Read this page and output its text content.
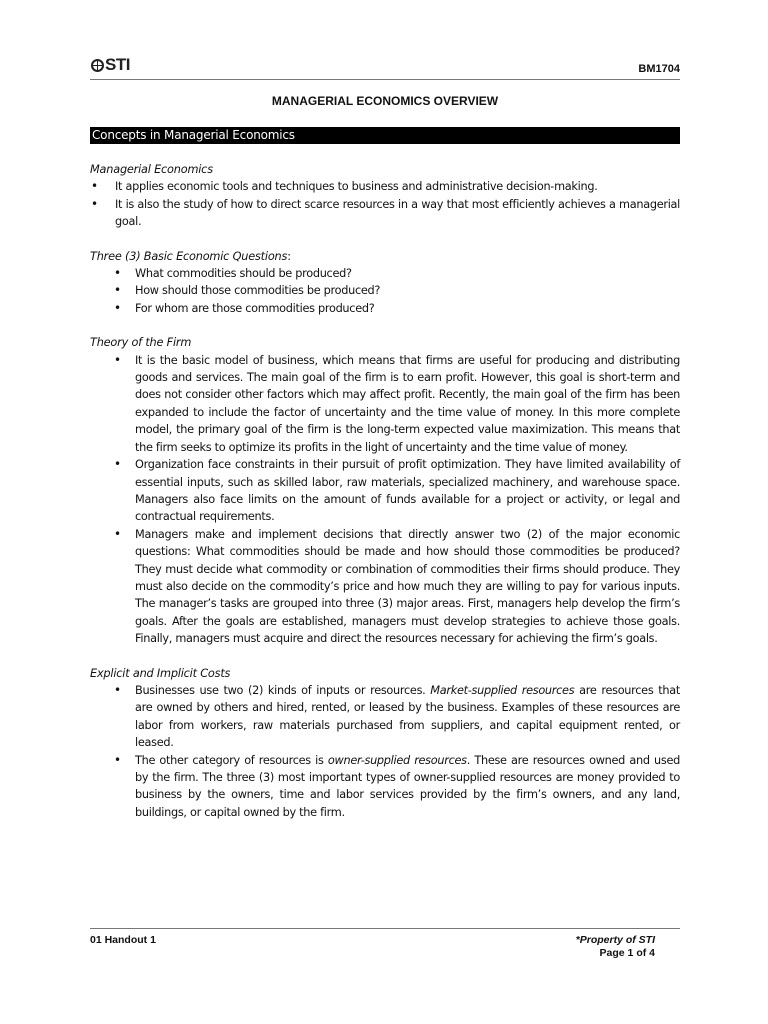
STI	BM1704
MANAGERIAL ECONOMICS OVERVIEW
Concepts in Managerial Economics

Managerial Economics

• It applies economic tools and techniques to business and administrative decision-making.
• It is also the study of how to direct scarce resources in a way that most efficiently achieves a managerial goal.

Three (3) Basic Economic Questions:

• What commodities should be produced?
• How should those commodities be produced?
• For whom are those commodities produced?

Theory of the Firm

• It is the basic model of business, which means that firms are useful for producing and distributing goods and services. The main goal of the firm is to earn profit. However, this goal is short-term and does not consider other factors which may affect profit. Recently, the main goal of the firm has been expanded to include the factor of uncertainty and the time value of money. In this more complete model, the primary goal of the firm is the long-term expected value maximization. This means that the firm seeks to optimize its profits in the light of uncertainty and the time value of money.
• Organization face constraints in their pursuit of profit optimization. They have limited availability of essential inputs, such as skilled labor, raw materials, specialized machinery, and warehouse space. Managers also face limits on the amount of funds available for a project or activity, or legal and contractual requirements.
• Managers make and implement decisions that directly answer two (2) of the major economic questions: What commodities should be made and how should those commodities be produced? They must decide what commodity or combination of commodities their firms should produce. They must also decide on the commodity’s price and how much they are willing to pay for various inputs. The manager’s tasks are grouped into three (3) major areas. First, managers help develop the firm’s goals. After the goals are established, managers must develop strategies to achieve those goals. Finally, managers must acquire and direct the resources necessary for achieving the firm’s goals.

Explicit and Implicit Costs

• Businesses use two (2) kinds of inputs or resources. Market-supplied resources are resources that are owned by others and hired, rented, or leased by the business. Examples of these resources are labor from workers, raw materials purchased from suppliers, and capital equipment rented, or leased.
• The other category of resources is owner-supplied resources. These are resources owned and used by the firm. The three (3) most important types of owner-supplied resources are money provided to business by the owners, time and labor services provided by the firm’s owners, and any land, buildings, or capital owned by the firm.
01 Handout 1	*Property of STI
Page 1 of 4
